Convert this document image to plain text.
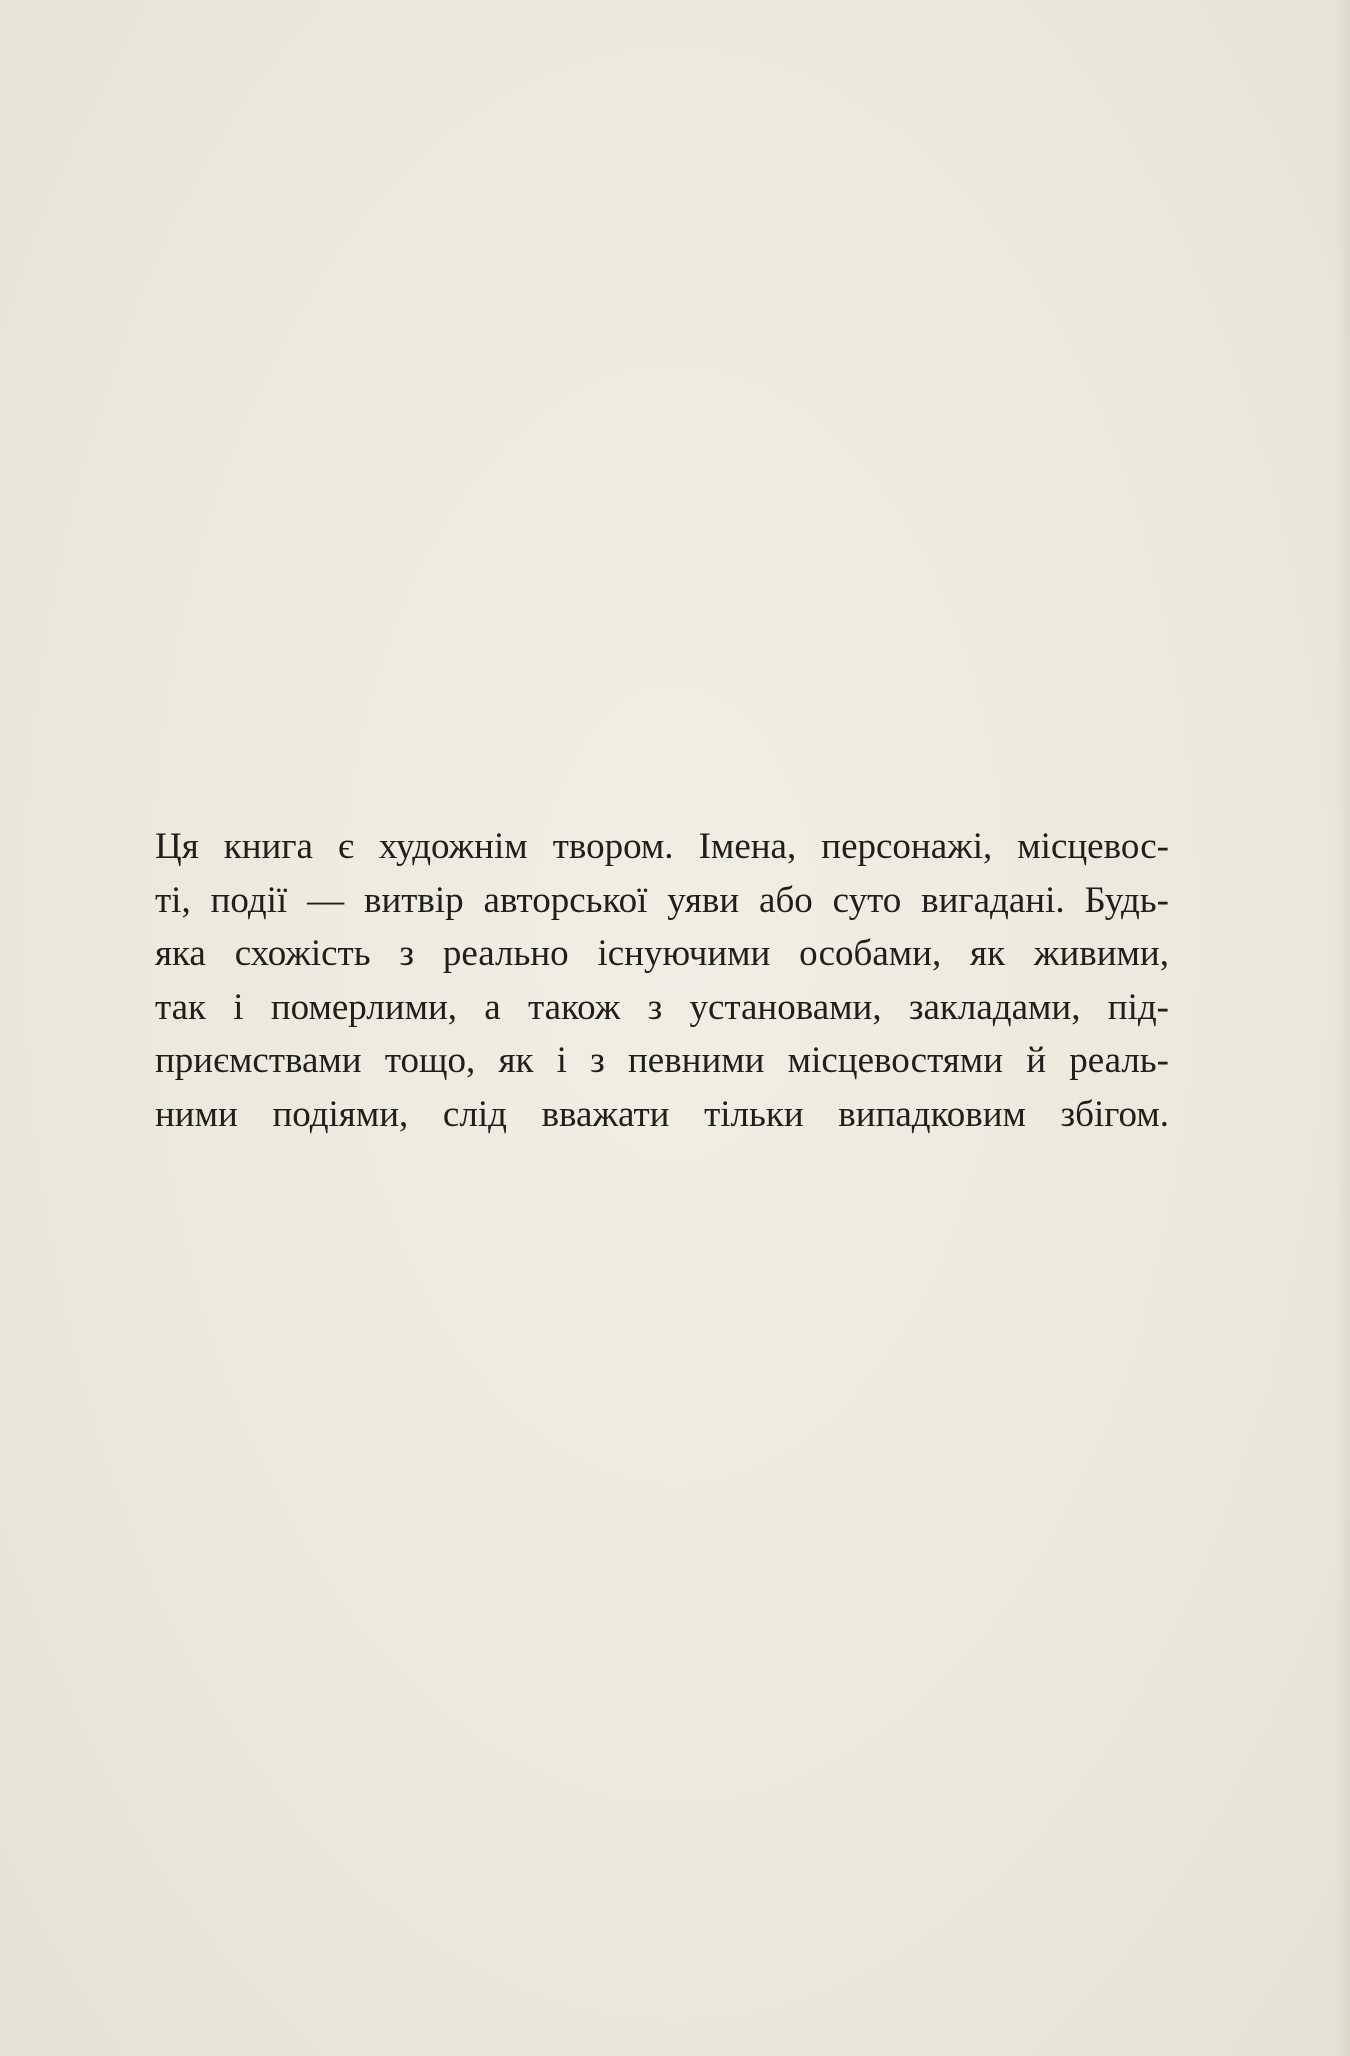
Ця книга є художнім твором. Імена, персонажі, місцевос-
ті, події — витвір авторської уяви або суто вигадані. Будь-
яка схожість з реально існуючими особами, як живими,
так і померлими, а також з установами, закладами, під-
приємствами тощо, як і з певними місцевостями й реаль-
ними подіями, слід вважати тільки випадковим збігом.
